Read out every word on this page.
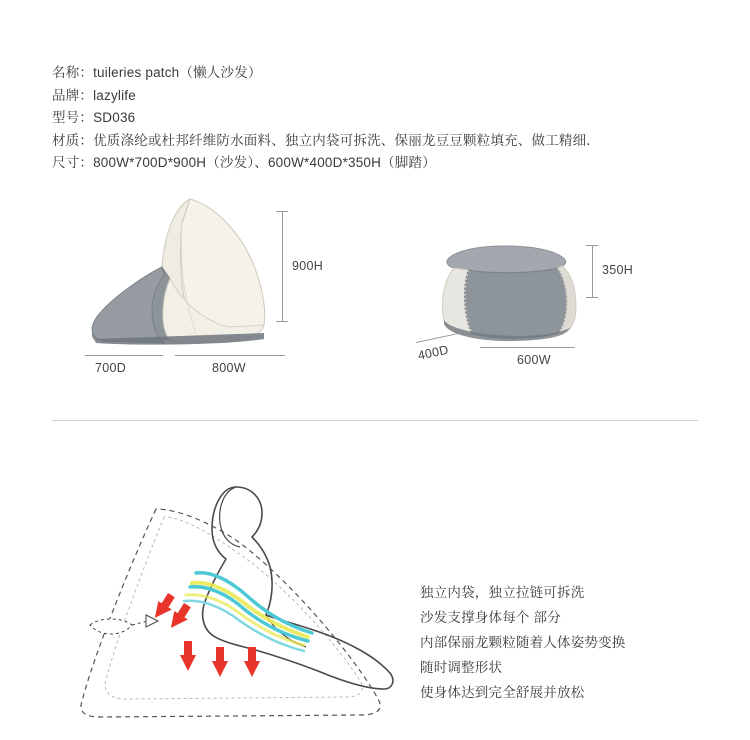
名称：tuileries patch（懒人沙发）
品牌：lazylife
型号：SD036
材质：优质涤纶或杜邦纤维防水面料、独立内袋可拆洗、保丽龙豆豆颗粒填充、做工精细．
尺寸：800W*700D*900H（沙发）、600W*400D*350H（脚踏）
900H
700D	800W
350H
400D	600W
独立内袋，独立拉链可拆洗
沙发支撑身体每个 部分
内部保丽龙颗粒随着人体姿势变换
随时调整形状
使身体达到完全舒展并放松
